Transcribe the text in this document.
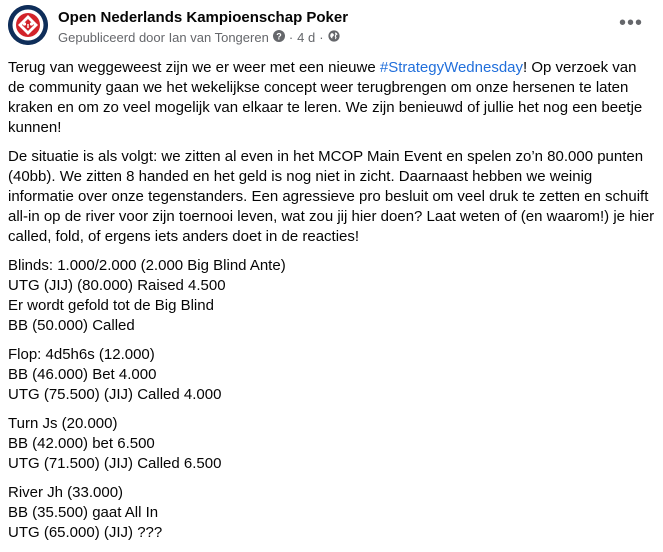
Open Nederlands Kampioenschap Poker
Gepubliceerd door Ian van Tongeren ? · 4 d ·
•••

Terug van weggeweest zijn we er weer met een nieuwe #StrategyWednesday! Op verzoek van de community gaan we het wekelijkse concept weer terugbrengen om onze hersenen te laten kraken en om zo veel mogelijk van elkaar te leren. We zijn benieuwd of jullie het nog een beetje kunnen!

De situatie is als volgt: we zitten al even in het MCOP Main Event en spelen zo’n 80.000 punten (40bb). We zitten 8 handed en het geld is nog niet in zicht. Daarnaast hebben we weinig informatie over onze tegenstanders. Een agressieve pro besluit om veel druk te zetten en schuift all-in op de river voor zijn toernooi leven, wat zou jij hier doen? Laat weten of (en waarom!) je hier called, fold, of ergens iets anders doet in de reacties!

Blinds: 1.000/2.000 (2.000 Big Blind Ante)
UTG (JIJ) (80.000) Raised 4.500
Er wordt gefold tot de Big Blind
BB (50.000) Called

Flop: 4d5h6s (12.000)
BB (46.000) Bet 4.000
UTG (75.500) (JIJ) Called 4.000

Turn Js (20.000)
BB (42.000) bet 6.500
UTG (71.500) (JIJ) Called 6.500

River Jh (33.000)
BB (35.500) gaat All In
UTG (65.000) (JIJ) ???
